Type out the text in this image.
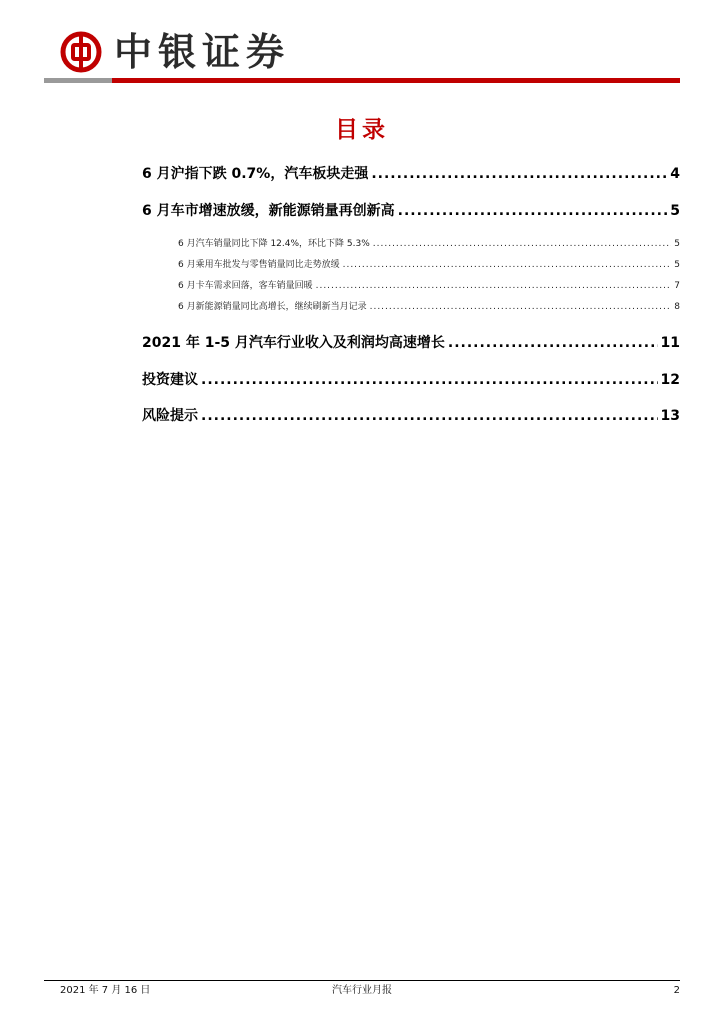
中银证券
目录
6 月沪指下跌 0.7%，汽车板块走强 .....	4
6 月车市增速放缓，新能源销量再创新高 .....	5
6 月汽车销量同比下降 12.4%，环比下降 5.3% .....	5
6 月乘用车批发与零售销量同比走势放缓 .....	5
6 月卡车需求回落，客车销量回暖 .....	7
6 月新能源销量同比高增长，继续刷新当月记录 .....	8
2021 年 1-5 月汽车行业收入及利润均高速增长 .....	11
投资建议 .....	12
风险提示 .....	13
2021 年 7 月 16 日	汽车行业月报	2
